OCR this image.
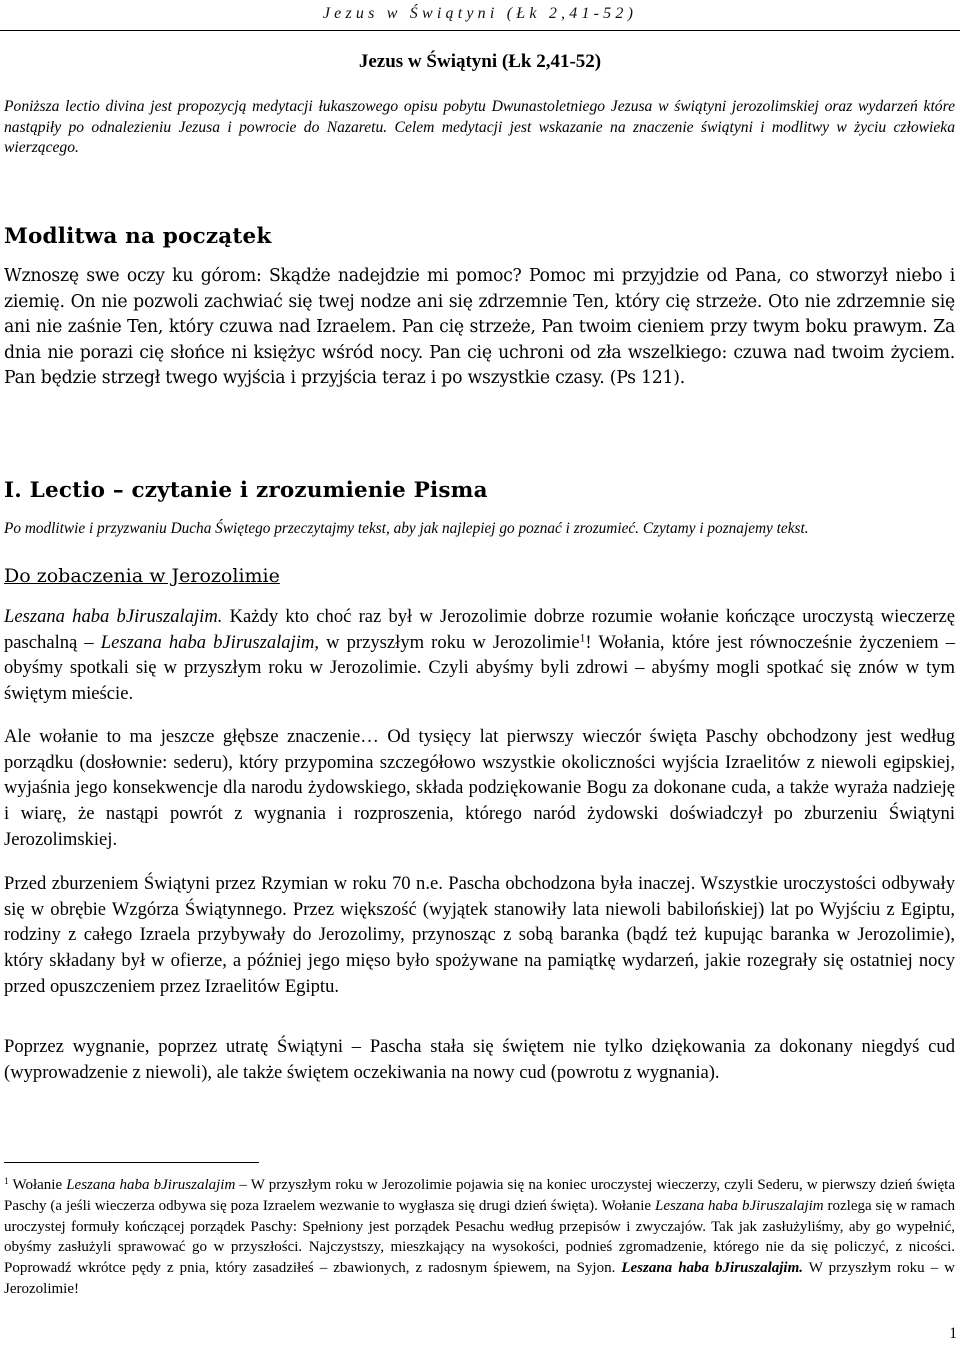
Jezus w Świątyni (Łk 2,41-52)
Jezus w Świątyni (Łk 2,41-52)

Poniższa lectio divina jest propozycją medytacji łukaszowego opisu pobytu Dwunastoletniego Jezusa w świątyni jerozolimskiej oraz wydarzeń które nastąpiły po odnalezieniu Jezusa i powrocie do Nazaretu. Celem medytacji jest wskazanie na znaczenie świątyni i modlitwy w życiu człowieka wierzącego.

Modlitwa na początek

Wznoszę swe oczy ku górom: Skądże nadejdzie mi pomoc? Pomoc mi przyjdzie od Pana, co stworzył niebo i ziemię. On nie pozwoli zachwiać się twej nodze ani się zdrzemnie Ten, który cię strzeże. Oto nie zdrzemnie się ani nie zaśnie Ten, który czuwa nad Izraelem. Pan cię strzeże, Pan twoim cieniem przy twym boku prawym. Za dnia nie porazi cię słońce ni księżyc wśród nocy. Pan cię uchroni od zła wszelkiego: czuwa nad twoim życiem. Pan będzie strzegł twego wyjścia i przyjścia teraz i po wszystkie czasy. (Ps 121).

I. Lectio – czytanie i zrozumienie Pisma
Po modlitwie i przyzwaniu Ducha Świętego przeczytajmy tekst, aby jak najlepiej go poznać i zrozumieć. Czytamy i poznajemy tekst.
Do zobaczenia w Jerozolimie

Leszana haba bJiruszalajim. Każdy kto choć raz był w Jerozolimie dobrze rozumie wołanie kończące uroczystą wieczerzę paschalną – Leszana haba bJiruszalajim, w przyszłym roku w Jerozolimie$^1$! Wołania, które jest równocześnie życzeniem – obyśmy spotkali się w przyszłym roku w Jerozolimie. Czyli abyśmy byli zdrowi – abyśmy mogli spotkać się znów w tym świętym mieście.

Ale wołanie to ma jeszcze głębsze znaczenie… Od tysięcy lat pierwszy wieczór święta Paschy obchodzony jest według porządku (dosłownie: sederu), który przypomina szczegółowo wszystkie okoliczności wyjścia Izraelitów z niewoli egipskiej, wyjaśnia jego konsekwencje dla narodu żydowskiego, składa podziękowanie Bogu za dokonane cuda, a także wyraża nadzieję i wiarę, że nastąpi powrót z wygnania i rozproszenia, którego naród żydowski doświadczył po zburzeniu Świątyni Jerozolimskiej.

Przed zburzeniem Świątyni przez Rzymian w roku 70 n.e. Pascha obchodzona była inaczej. Wszystkie uroczystości odbywały się w obrębie Wzgórza Świątynnego. Przez większość (wyjątek stanowiły lata niewoli babilońskiej) lat po Wyjściu z Egiptu, rodziny z całego Izraela przybywały do Jerozolimy, przynosząc z sobą baranka (bądź też kupując baranka w Jerozolimie), który składany był w ofierze, a później jego mięso było spożywane na pamiątkę wydarzeń, jakie rozegrały się ostatniej nocy przed opuszczeniem przez Izraelitów Egiptu.

Poprzez wygnanie, poprzez utratę Świątyni – Pascha stała się świętem nie tylko dziękowania za dokonany niegdyś cud (wyprowadzenie z niewoli), ale także świętem oczekiwania na nowy cud (powrotu z wygnania).

$^1$ Wołanie Leszana haba bJiruszalajim – W przyszłym roku w Jerozolimie pojawia się na koniec uroczystej wieczerzy, czyli Sederu, w pierwszy dzień święta Paschy (a jeśli wieczerza odbywa się poza Izraelem wezwanie to wygłasza się drugi dzień święta). Wołanie Leszana haba bJiruszalajim rozlega się w ramach uroczystej formuły kończącej porządek Paschy: Spełniony jest porządek Pesachu według przepisów i zwyczajów. Tak jak zasłużyliśmy, aby go wypełnić, obyśmy zasłużyli sprawować go w przyszłości. Najczystszy, mieszkający na wysokości, podnieś zgromadzenie, którego nie da się policzyć, z nicości. Poprowadź wkrótce pędy z pnia, który zasadziłeś – zbawionych, z radosnym śpiewem, na Syjon. Leszana haba bJiruszalajim. W przyszłym roku – w Jerozolimie!

1
